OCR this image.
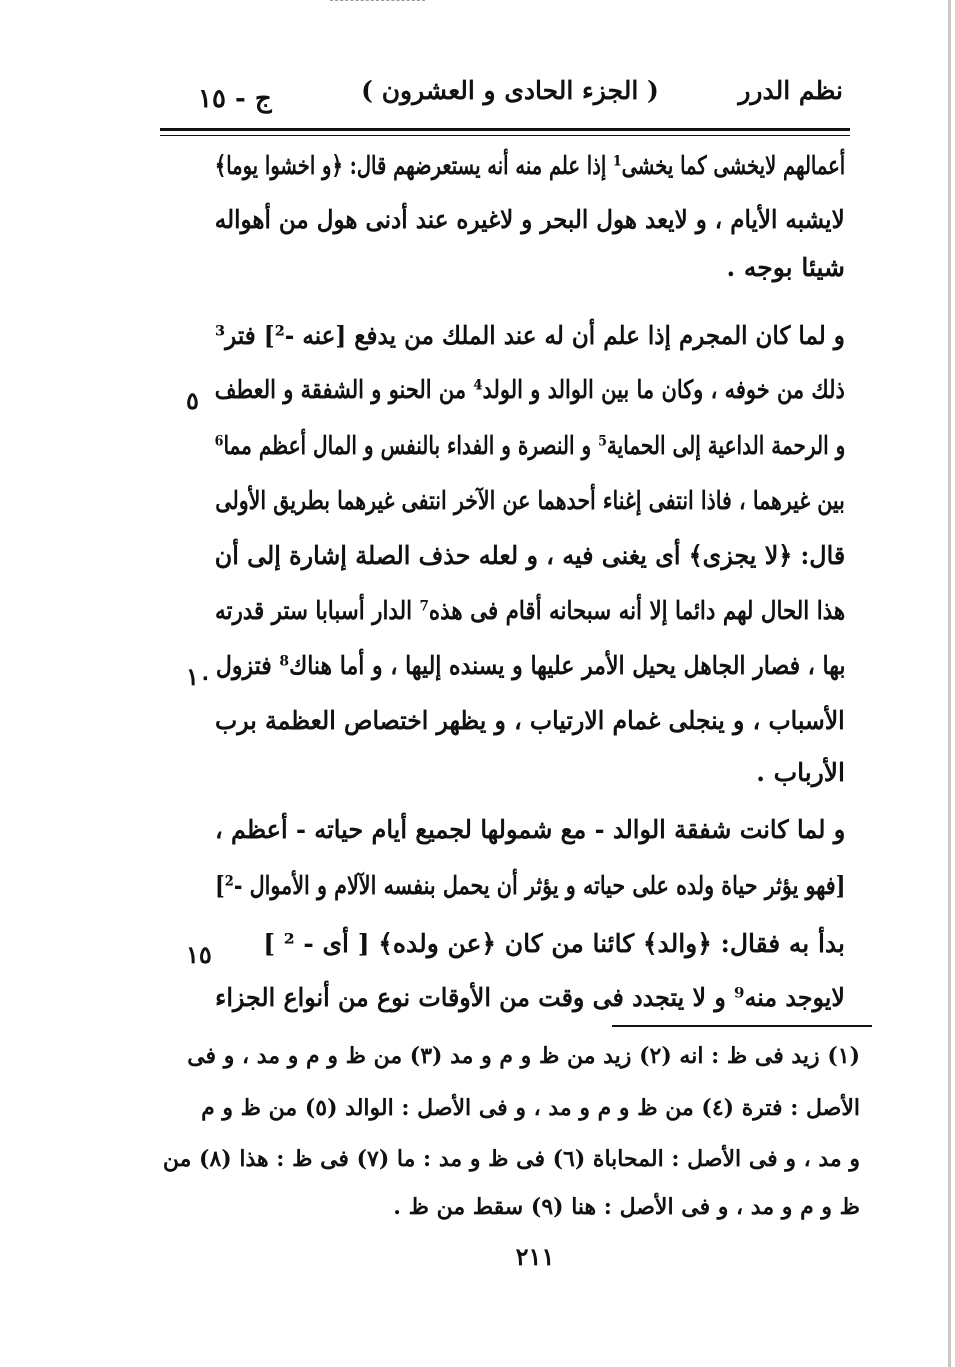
ج - ١٥	( الجزء الحادى و العشرون )	نظم الدرر
أعمالهم لايخشى كما يخشى¹ إذا علم منه أنه يستعرضهم قال: ﴿و اخشوا يوما﴾
لايشبه الأيام ، و لايعد هول البحر و لاغيره عند أدنى هول من أهواله
شيئا بوجه .
و لما كان المجرم إذا علم أن له عند الملك من يدفع [عنه -²] فتر³
ذلك من خوفه ، وكان ما بين الوالد و الولد⁴ من الحنو و الشفقة و العطف
و الرحمة الداعية إلى الحماية⁵ و النصرة و الفداء بالنفس و المال أعظم مما⁶
بين غيرهما ، فاذا انتفى إغناء أحدهما عن الآخر انتفى غيرهما بطريق الأولى
قال: ﴿لا يجزى﴾ أى يغنى فيه ، و لعله حذف الصلة إشارة إلى أن
هذا الحال لهم دائما إلا أنه سبحانه أقام فى هذه⁷ الدار أسبابا ستر قدرته
بها ، فصار الجاهل يحيل الأمر عليها و يسنده إليها ، و أما هناك⁸ فتزول
الأسباب ، و ينجلى غمام الارتياب ، و يظهر اختصاص العظمة برب
الأرباب .
و لما كانت شفقة الوالد - مع شمولها لجميع أيام حياته - أعظم ،
[فهو يؤثر حياة ولده على حياته و يؤثر أن يحمل بنفسه الآلام و الأموال -²]
بدأ به فقال: ﴿والد﴾ كائنا من كان ﴿عن ولده﴾ [ أى - ² ]
لايوجد منه⁹ و لا يتجدد فى وقت من الأوقات نوع من أنواع الجزاء
٥
١٠
١٥
(١) زيد فى ظ : انه (٢) زيد من ظ و م و مد (٣) من ظ و م و مد ، و فى
الأصل : فترة (٤) من ظ و م و مد ، و فى الأصل : الوالد (٥) من ظ و م
و مد ، و فى الأصل : المحاباة (٦) فى ظ و مد : ما (٧) فى ظ : هذا (٨) من
ظ و م و مد ، و فى الأصل : هنا (٩) سقط من ظ .
٢١١
